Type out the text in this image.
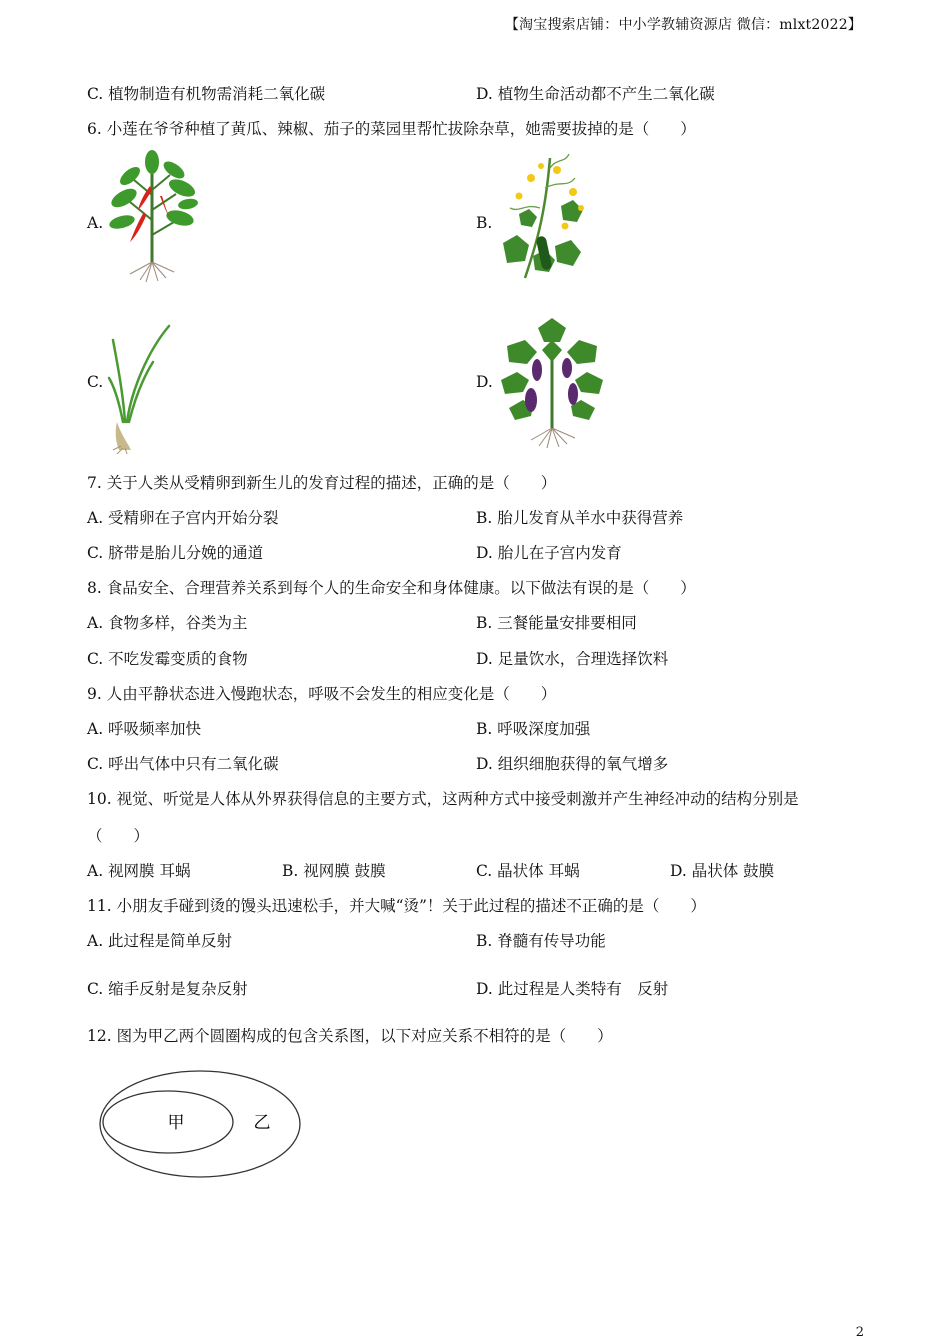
【淘宝搜索店铺：中小学教辅资源店 微信：mlxt2022】
C. 植物制造有机物需消耗二氧化碳	D. 植物生命活动都不产生二氧化碳
6. 小莲在爷爷种植了黄瓜、辣椒、茄子的菜园里帮忙拔除杂草，她需要拔掉的是（　　）
A.	B.
C.	D.
7. 关于人类从受精卵到新生儿的发育过程的描述，正确的是（　　）
A. 受精卵在子宫内开始分裂	B. 胎儿发育从羊水中获得营养
C. 脐带是胎儿分娩的通道	D. 胎儿在子宫内发育
8. 食品安全、合理营养关系到每个人的生命安全和身体健康。以下做法有误的是（　　）
A. 食物多样，谷类为主	B. 三餐能量安排要相同
C. 不吃发霉变质的食物	D. 足量饮水，合理选择饮料
9. 人由平静状态进入慢跑状态，呼吸不会发生的相应变化是（　　）
A. 呼吸频率加快	B. 呼吸深度加强
C. 呼出气体中只有二氧化碳	D. 组织细胞获得的氧气增多
10. 视觉、听觉是人体从外界获得信息的主要方式，这两种方式中接受刺激并产生神经冲动的结构分别是
（　　）
A. 视网膜 耳蜗	B. 视网膜 鼓膜	C. 晶状体 耳蜗	D. 晶状体 鼓膜
11. 小朋友手碰到烫的馒头迅速松手，并大喊“烫”！关于此过程的描述不正确的是（　　）
A. 此过程是简单反射	B. 脊髓有传导功能
C. 缩手反射是复杂反射	D. 此过程是人类特有　反射
12. 图为甲乙两个圆圈构成的包含关系图，以下对应关系不相符的是（　　）
甲	乙
2
